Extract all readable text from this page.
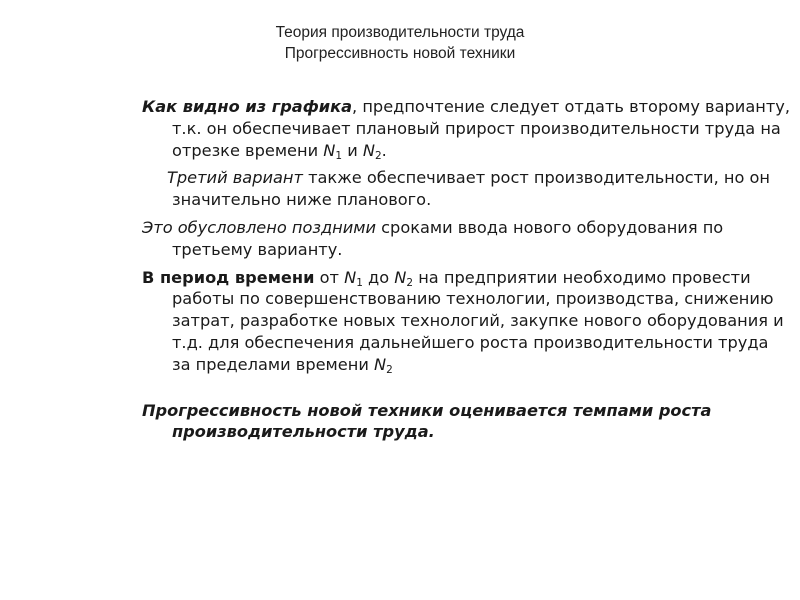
Теория производительности труда
Прогрессивность новой техники

Как видно из графика, предпочтение следует отдать второму варианту, т.к. он обеспечивает плановый прирост производительности труда на отрезке времени $N_1$ и $N_2$.

Третий вариант также обеспечивает рост производительности, но он значительно ниже планового.

Это обусловлено поздними сроками ввода нового оборудования по третьему варианту.

В период времени от $N_1$ до $N_2$ на предприятии необходимо провести работы по совершенствованию технологии, производства, снижению затрат, разработке новых технологий, закупке нового оборудования и т.д. для обеспечения дальнейшего роста производительности труда за пределами времени $N_2$

Прогрессивность новой техники оценивается темпами роста производительности труда.
